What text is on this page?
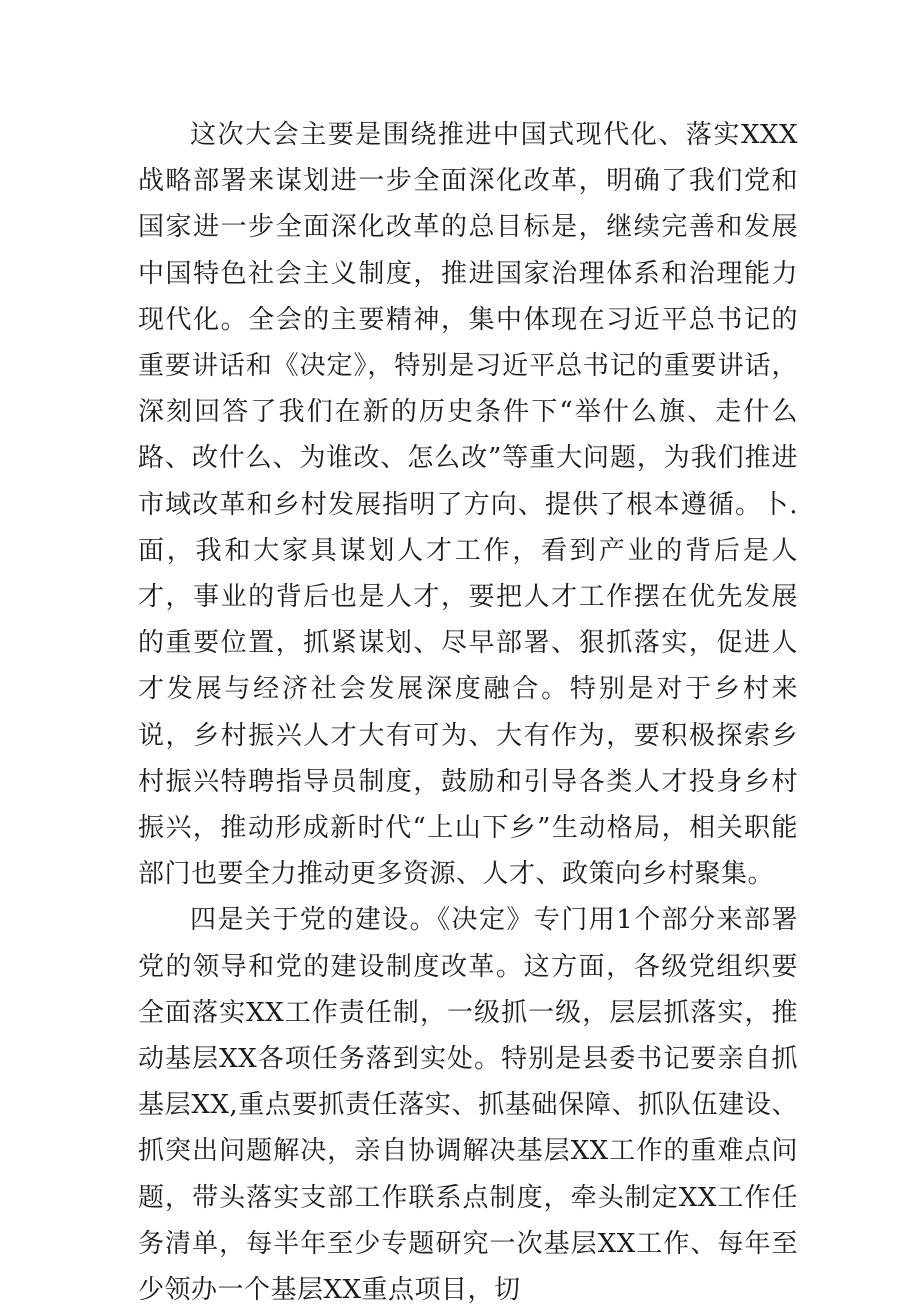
这次大会主要是围绕推进中国式现代化、落实XXX战略部署来谋划进一步全面深化改革，明确了我们党和国家进一步全面深化改革的总目标是，继续完善和发展中国特色社会主义制度，推进国家治理体系和治理能力现代化。全会的主要精神，集中体现在习近平总书记的重要讲话和《决定》，特别是习近平总书记的重要讲话，深刻回答了我们在新的历史条件下“举什么旗、走什么路、改什么、为谁改、怎么改”等重大问题，为我们推进市域改革和乡村发展指明了方向、提供了根本遵循。卜.面，我和大家具谋划人才工作，看到产业的背后是人才，事业的背后也是人才，要把人才工作摆在优先发展的重要位置，抓紧谋划、尽早部署、狠抓落实，促进人才发展与经济社会发展深度融合。特别是对于乡村来说，乡村振兴人才大有可为、大有作为，要积极探索乡村振兴特聘指导员制度，鼓励和引导各类人才投身乡村振兴，推动形成新时代“上山下乡”生动格局，相关职能部门也要全力推动更多资源、人才、政策向乡村聚集。

四是关于党的建设。《决定》专门用1个部分来部署党的领导和党的建设制度改革。这方面，各级党组织要全面落实XX工作责任制，一级抓一级，层层抓落实，推动基层XX各项任务落到实处。特别是县委书记要亲自抓基层XX,重点要抓责任落实、抓基础保障、抓队伍建设、抓突出问题解决，亲自协调解决基层XX工作的重难点问题，带头落实支部工作联系点制度，牵头制定XX工作任务清单，每半年至少专题研究一次基层XX工作、每年至少领办一个基层XX重点项目，切
